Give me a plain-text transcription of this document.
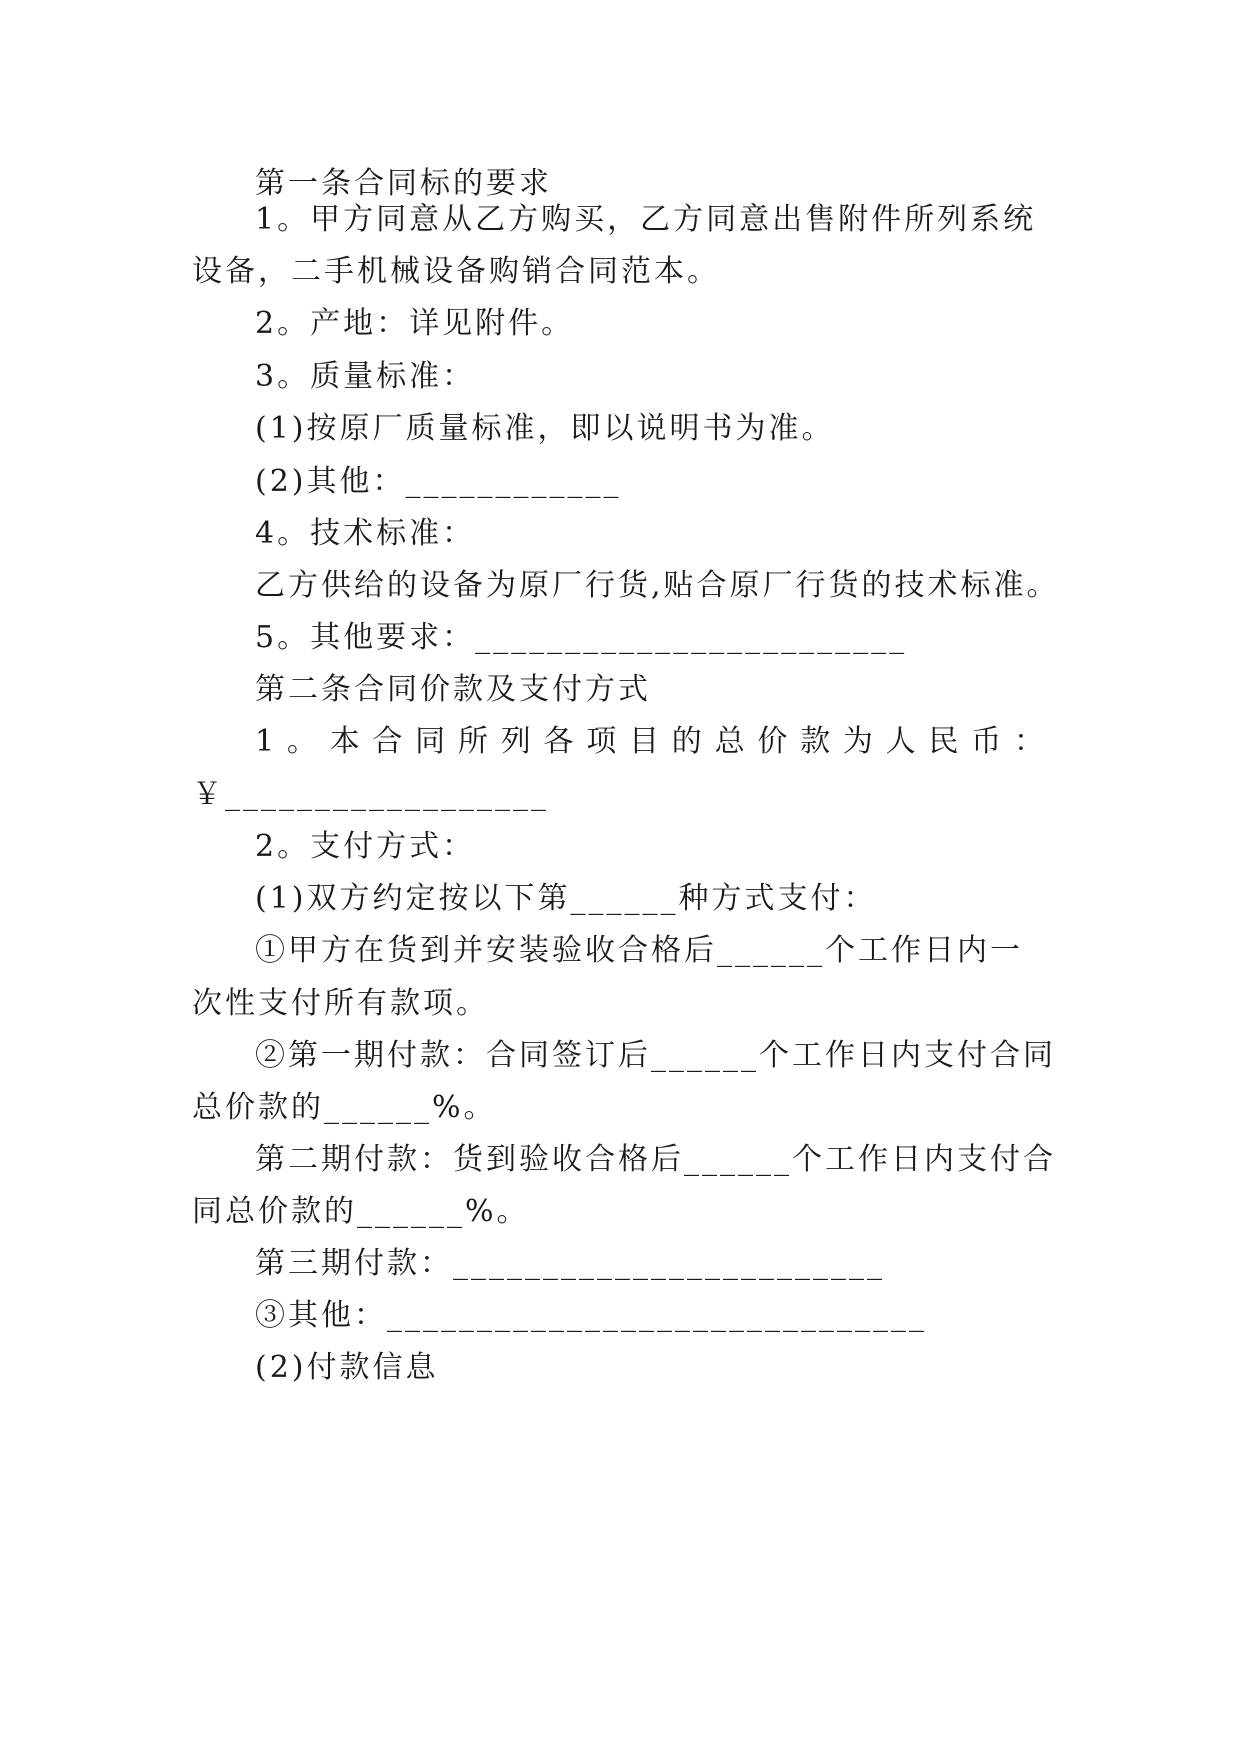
第一条合同标的要求
1。甲方同意从乙方购买，乙方同意出售附件所列系统
设备，二手机械设备购销合同范本。
2。产地：详见附件。
3。质量标准：
(1)按原厂质量标准，即以说明书为准。
(2)其他：____________
4。技术标准：
乙方供给的设备为原厂行货,贴合原厂行货的技术标准。
5。其他要求：________________________
第二条合同价款及支付方式
1。本合同所列各项目的总价款为人民币：
￥__________________
2。支付方式：
(1)双方约定按以下第______种方式支付：
①甲方在货到并安装验收合格后______个工作日内一
次性支付所有款项。
②第一期付款：合同签订后______个工作日内支付合同
总价款的______%。
第二期付款：货到验收合格后______个工作日内支付合
同总价款的______%。
第三期付款：________________________
③其他：______________________________
(2)付款信息
